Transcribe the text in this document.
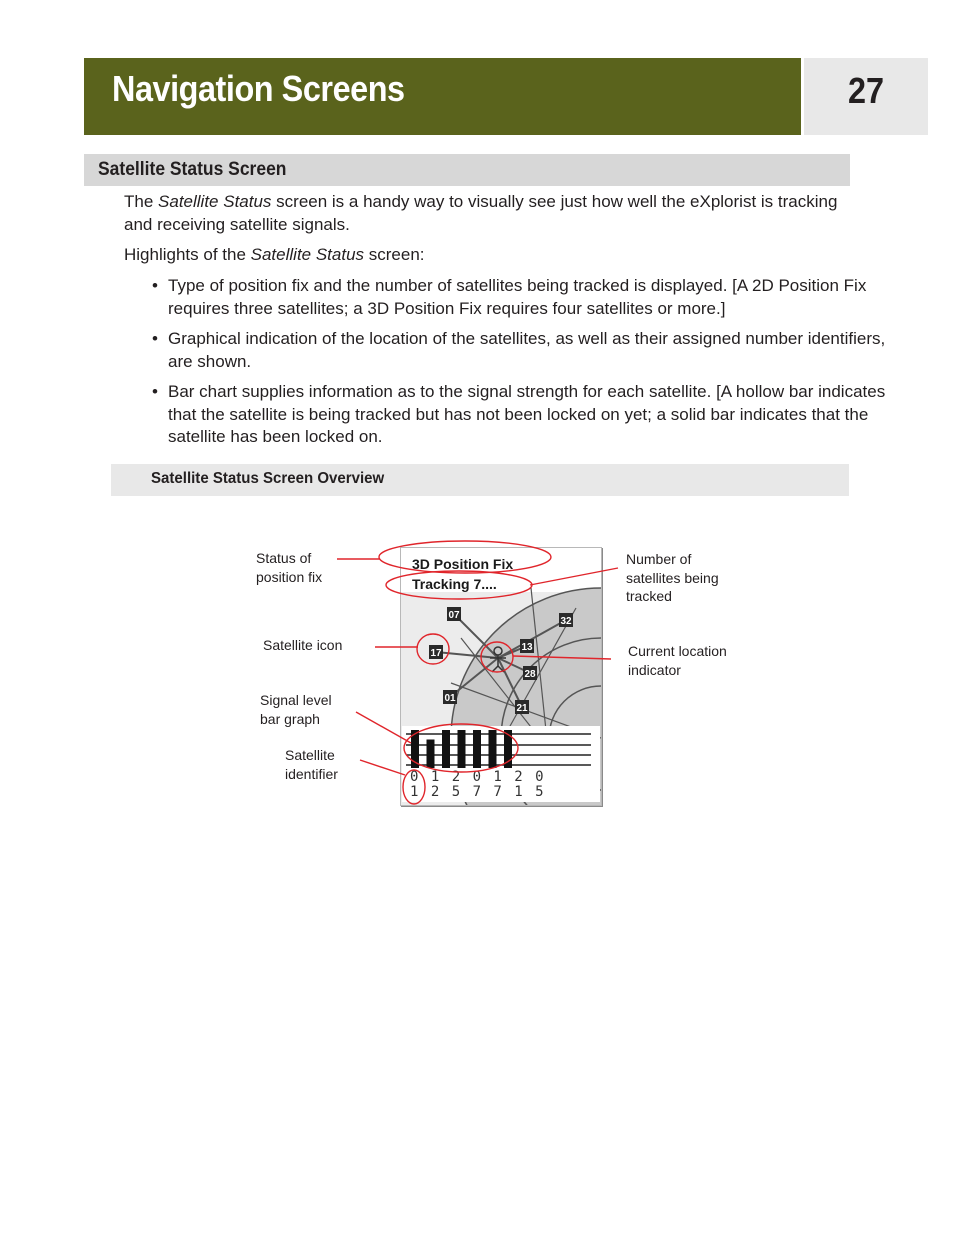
Navigation Screens	27
Satellite Status Screen

The Satellite Status screen is a handy way to visually see just how well the eXplorist is tracking and receiving satellite signals.

Highlights of the Satellite Status screen:

• Type of position fix and the number of satellites being tracked is displayed. [A 2D Position Fix requires three satellites; a 3D Position Fix requires four satellites or more.]
• Graphical indication of the location of the satellites, as well as their assigned number identifiers, are shown.
• Bar chart supplies information as to the signal strength for each satellite. [A hollow bar indicates that the satellite is being tracked but has not been locked on yet; a solid bar indicates that the satellite has been locked on.
Satellite Status Screen Overview
Status of
position fix
Number of
satellites being
tracked
Satellite icon	Current location
indicator
Signal level
bar graph
Satellite
identifier
3D Position Fix
Tracking 7....
07
17
13
28
32
01
21
0 1 2 0 1 2 0
1 2 5 7 7 1 5
